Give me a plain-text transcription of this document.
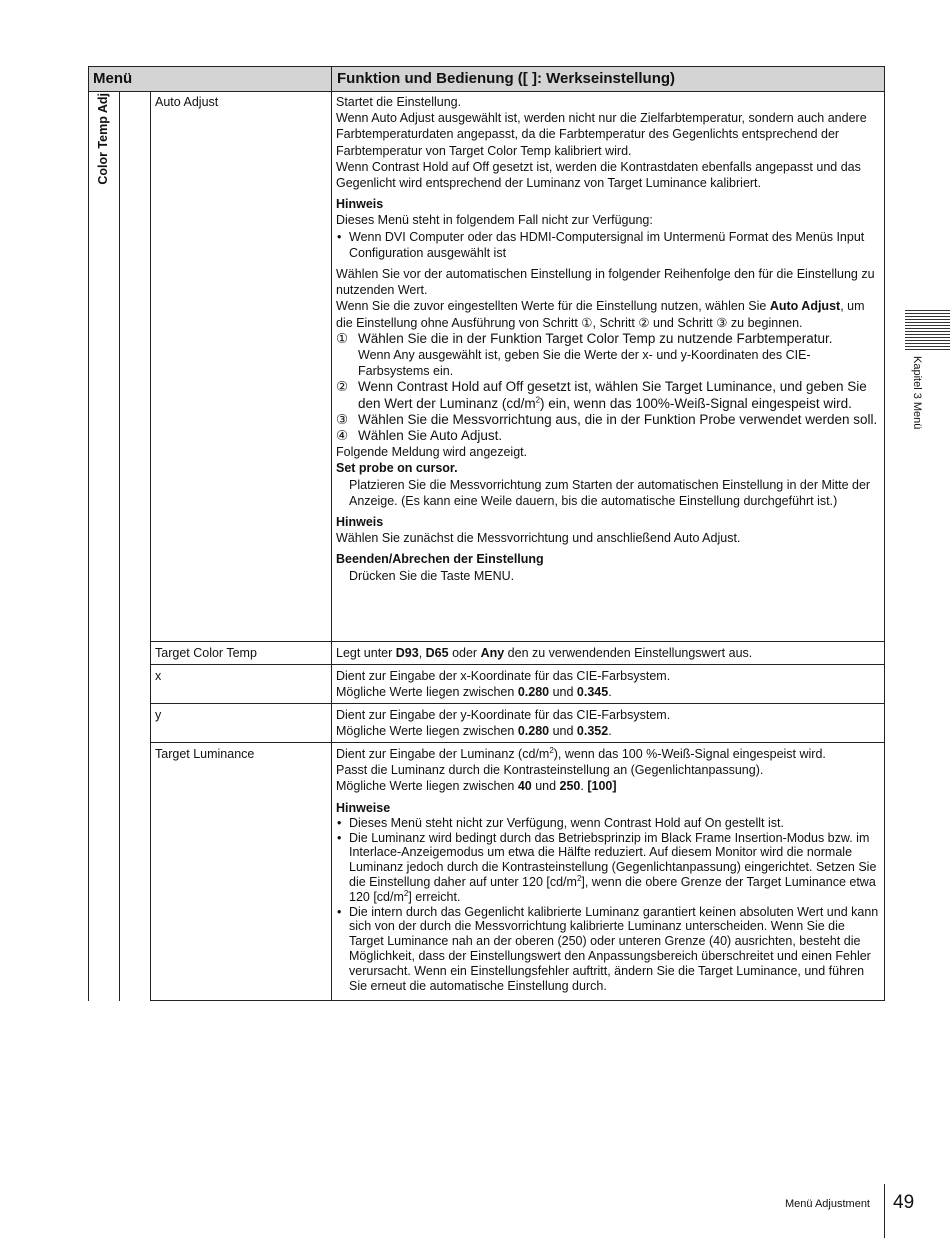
Menü	Funktion und Bedienung ([ ]: Werkseinstellung)
Color Temp Adj	Auto Adjust	Startet die Einstellung.

Wenn Auto Adjust ausgewählt ist, werden nicht nur die Zielfarbtemperatur, sondern auch andere Farbtemperaturdaten angepasst, da die Farbtemperatur des Gegenlichts entsprechend der Farbtemperatur von Target Color Temp kalibriert wird.

Wenn Contrast Hold auf Off gesetzt ist, werden die Kontrastdaten ebenfalls angepasst und das Gegenlicht wird entsprechend der Luminanz von Target Luminance kalibriert.

Hinweis

Dieses Menü steht in folgendem Fall nicht zur Verfügung:

• Wenn DVI Computer oder das HDMI-Computersignal im Untermenü Format des Menüs Input Configuration ausgewählt ist

Wählen Sie vor der automatischen Einstellung in folgender Reihenfolge den für die Einstellung zu nutzenden Wert.

Wenn Sie die zuvor eingestellten Werte für die Einstellung nutzen, wählen Sie Auto Adjust, um die Einstellung ohne Ausführung von Schritt ①, Schritt ② und Schritt ③ zu beginnen.

① Wählen Sie die in der Funktion Target Color Temp zu nutzende Farbtemperatur.

Wenn Any ausgewählt ist, geben Sie die Werte der x- und y-Koordinaten des CIE-Farbsystems ein.

② Wenn Contrast Hold auf Off gesetzt ist, wählen Sie Target Luminance, und geben Sie den Wert der Luminanz $(cd/m^2)$ ein, wenn das 100%-Weiß-Signal eingespeist wird.
③ Wählen Sie die Messvorrichtung aus, die in der Funktion Probe verwendet werden soll.
④ Wählen Sie Auto Adjust.

Folgende Meldung wird angezeigt.

Set probe on cursor.

Platzieren Sie die Messvorrichtung zum Starten der automatischen Einstellung in der Mitte der Anzeige. (Es kann eine Weile dauern, bis die automatische Einstellung durchgeführt ist.)

Hinweis

Wählen Sie zunächst die Messvorrichtung und anschließend Auto Adjust.

Beenden/Abrechen der Einstellung

Drücken Sie die Taste MENU.

Target Color Temp	Legt unter D93, D65 oder Any den zu verwendenden Einstellungswert aus.

x	Dient zur Eingabe der x-Koordinate für das CIE-Farbsystem.

Mögliche Werte liegen zwischen 0.280 und 0.345.

y	Dient zur Eingabe der y-Koordinate für das CIE-Farbsystem.

Mögliche Werte liegen zwischen 0.280 und 0.352.

Target Luminance	Dient zur Eingabe der Luminanz $(cd/m^2)$, wenn das 100 %-Weiß-Signal eingespeist wird.

Passt die Luminanz durch die Kontrasteinstellung an (Gegenlichtanpassung).

Mögliche Werte liegen zwischen 40 und 250. [100]

Hinweise

• Dieses Menü steht nicht zur Verfügung, wenn Contrast Hold auf On gestellt ist.

• Die Luminanz wird bedingt durch das Betriebsprinzip im Black Frame Insertion-Modus bzw. im Interlace-Anzeigemodus um etwa die Hälfte reduziert. Auf diesem Monitor wird die normale Luminanz jedoch durch die Kontrasteinstellung (Gegenlichtanpassung) eingerichtet. Setzen Sie die Einstellung daher auf unter 120 $[cd/m^2]$, wenn die obere Grenze der Target Luminance etwa 120 $[cd/m^2]$ erreicht.

• Die intern durch das Gegenlicht kalibrierte Luminanz garantiert keinen absoluten Wert und kann sich von der durch die Messvorrichtung kalibrierte Luminanz unterscheiden. Wenn Sie die Target Luminance nah an der oberen (250) oder unteren Grenze (40) ausrichten, besteht die Möglichkeit, dass der Einstellungswert den Anpassungsbereich überschreitet und einen Fehler verursacht. Wenn ein Einstellungsfehler auftritt, ändern Sie die Target Luminance, und führen Sie erneut die automatische Einstellung durch.

Kapitel 3 Menü
Menü Adjustment 49
